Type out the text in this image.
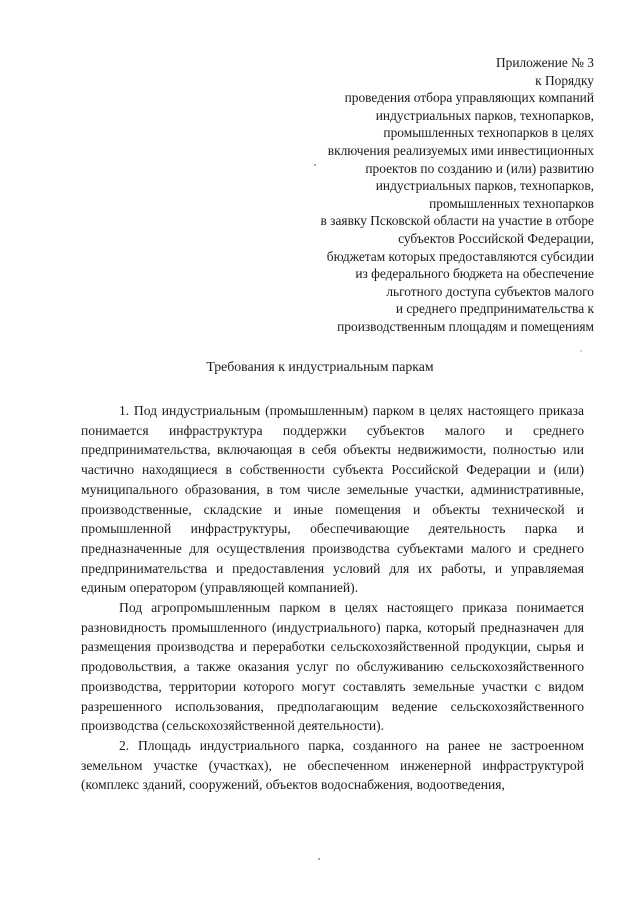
Приложение № 3
к Порядку
проведения отбора управляющих компаний
индустриальных парков, технопарков,
промышленных технопарков в целях
включения реализуемых ими инвестиционных
проектов по созданию и (или) развитию
индустриальных парков, технопарков,
промышленных технопарков
в заявку Псковской области на участие в отборе
субъектов Российской Федерации,
бюджетам которых предоставляются субсидии
из федерального бюджета на обеспечение
льготного доступа субъектов малого
и среднего предпринимательства к
производственным площадям и помещениям
Требования к индустриальным паркам

1. Под индустриальным (промышленным) парком в целях настоящего приказа понимается инфраструктура поддержки субъектов малого и среднего предпринимательства, включающая в себя объекты недвижимости, полностью или частично находящиеся в собственности субъекта Российской Федерации и (или) муниципального образования, в том числе земельные участки, административные, производственные, складские и иные помещения и объекты технической и промышленной инфраструктуры, обеспечивающие деятельность парка и предназначенные для осуществления производства субъектами малого и среднего предпринимательства и предоставления условий для их работы, и управляемая единым оператором (управляющей компанией).

Под агропромышленным парком в целях настоящего приказа понимается разновидность промышленного (индустриального) парка, который предназначен для размещения производства и переработки сельскохозяйственной продукции, сырья и продовольствия, а также оказания услуг по обслуживанию сельскохозяйственного производства, территории которого могут составлять земельные участки с видом разрешенного использования, предполагающим ведение сельскохозяйственного производства (сельскохозяйственной деятельности).

2. Площадь индустриального парка, созданного на ранее не застроенном земельном участке (участках), не обеспеченном инженерной инфраструктурой (комплекс зданий, сооружений, объектов водоснабжения, водоотведения,
